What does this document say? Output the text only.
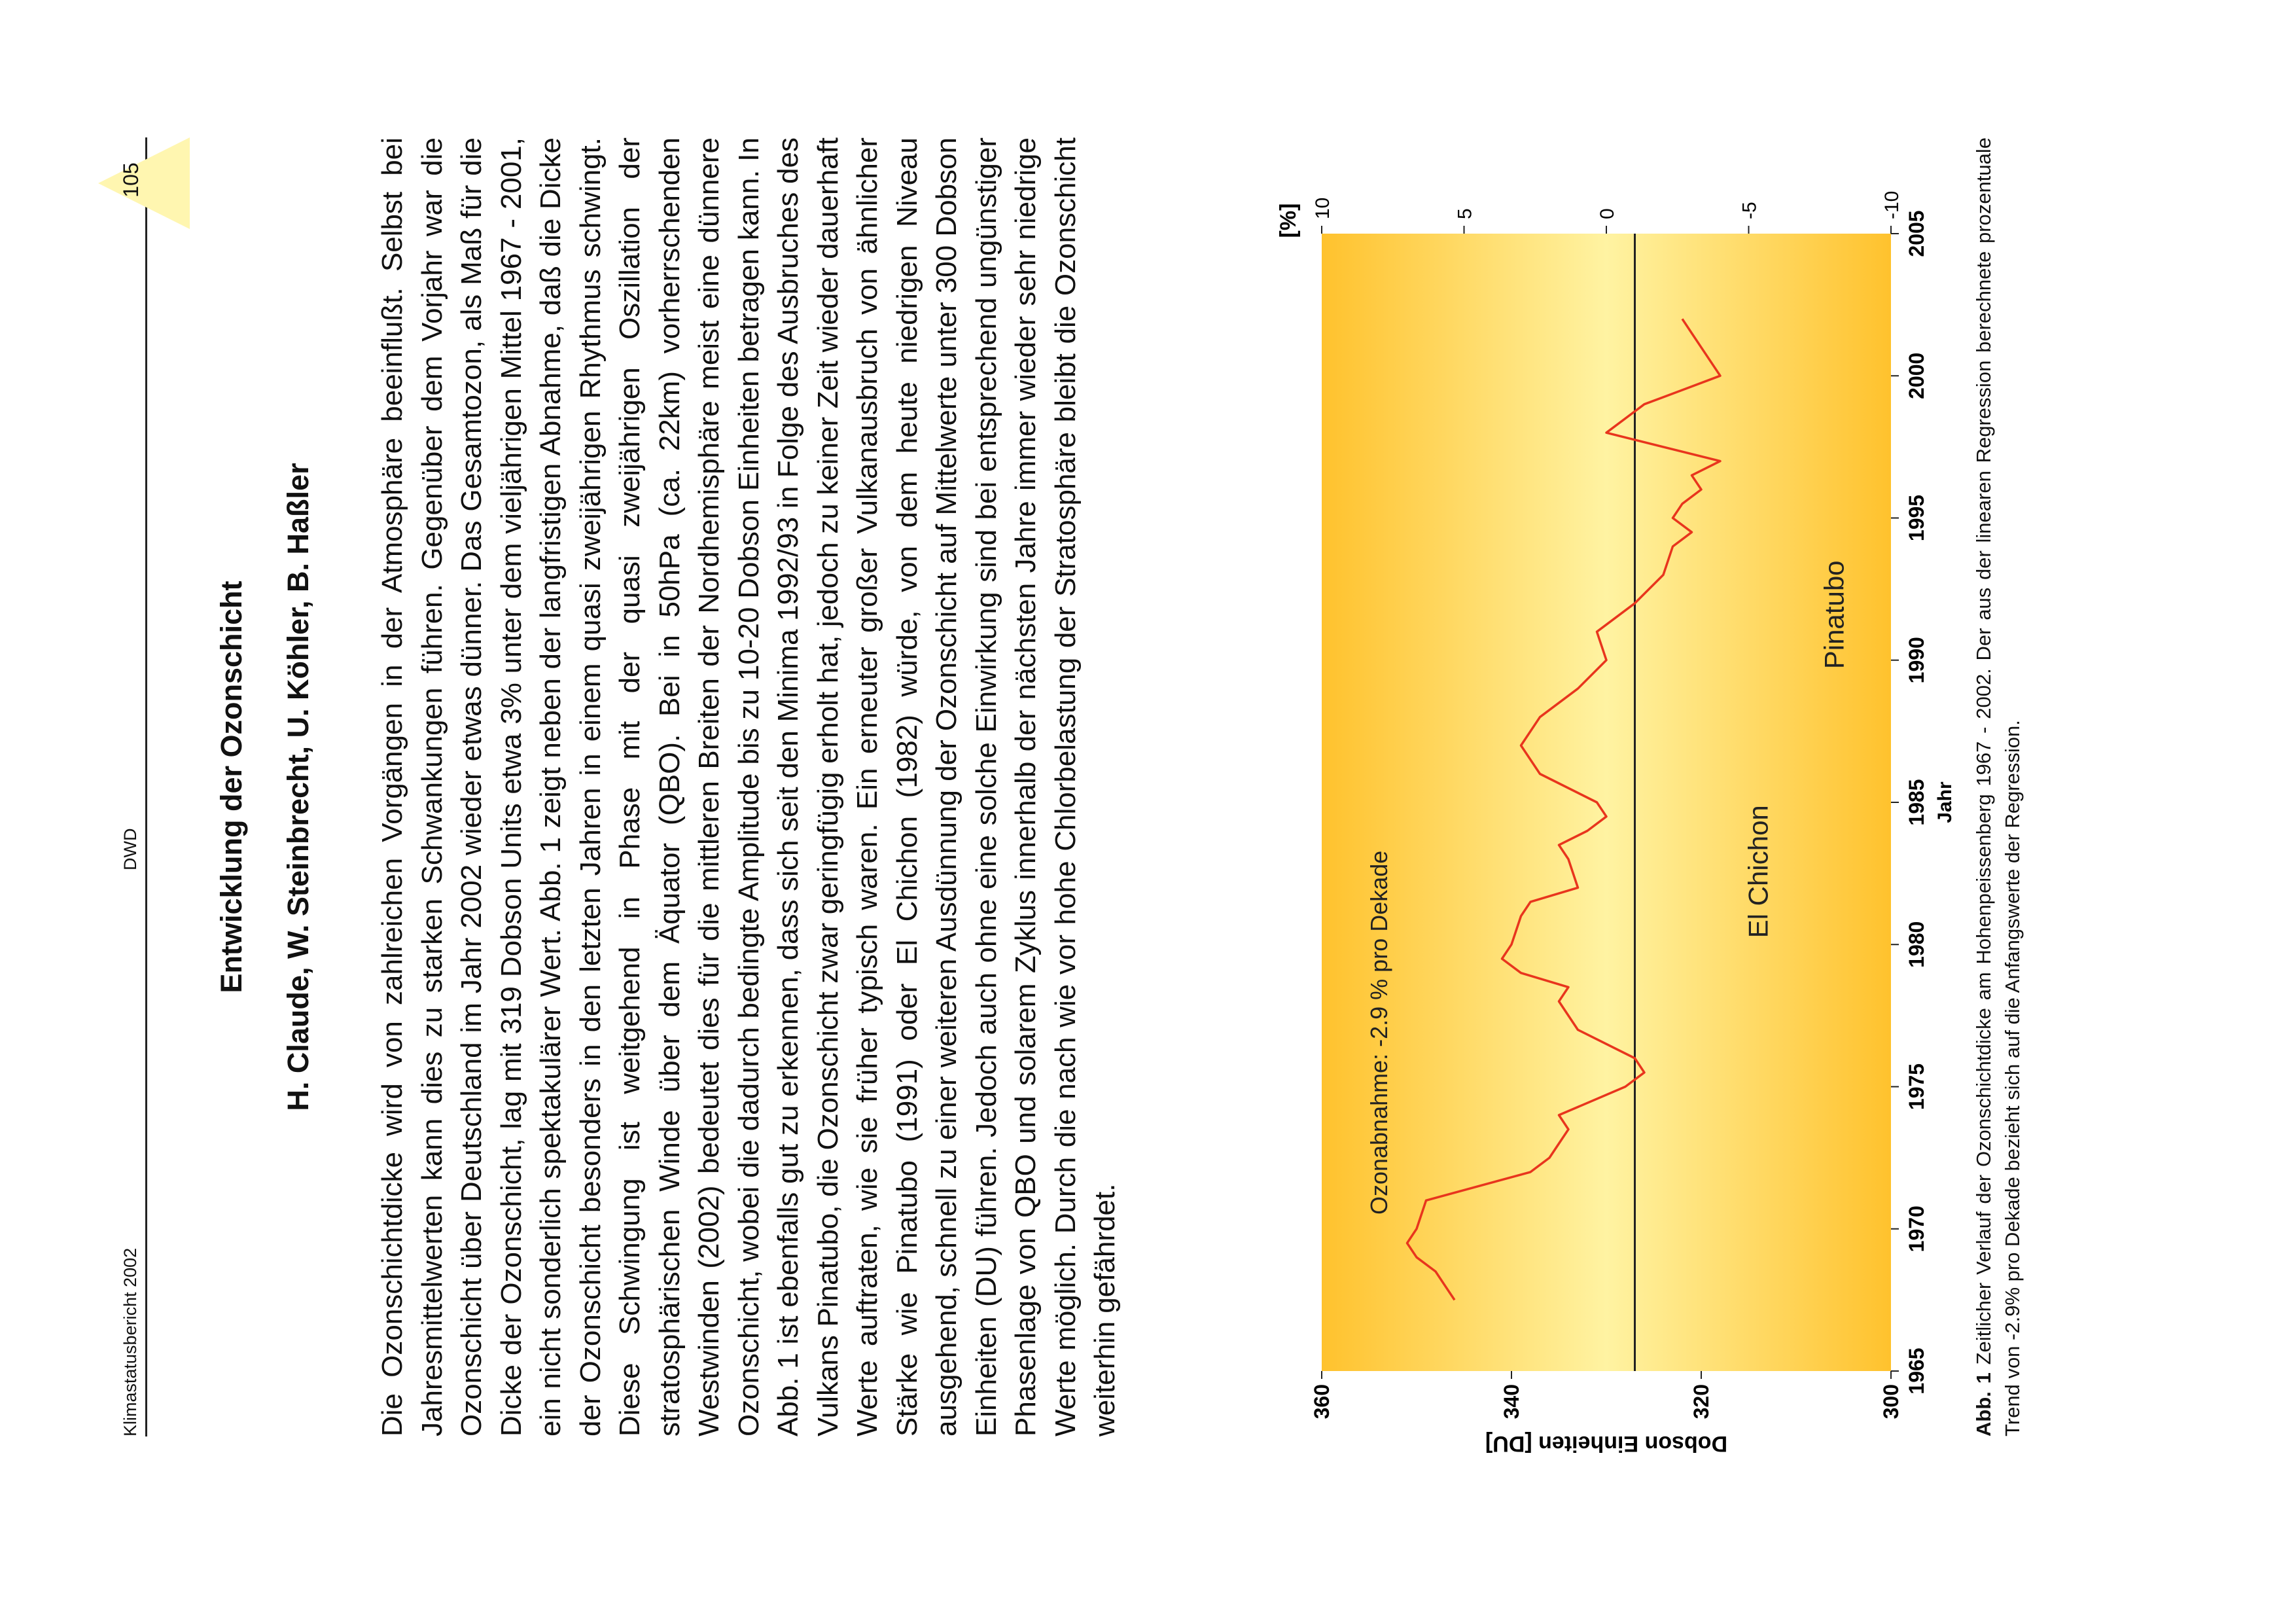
Klimastatusbericht 2002
DWD
105
Entwicklung der Ozonschicht H. Claude, W. Steinbrecht, U. Köhler, B. Haßler Die Ozonschichtdicke wird von zahlreichen Vorgängen in der Atmosphäre beeinflußt. Selbst bei Jahresmittelwerten kann dies zu starken Schwankungen führen. Gegenüber dem Vorjahr war die Ozonschicht über Deutschland im Jahr 2002 wieder etwas dünner. Das Gesamtozon, als Maß für die Dicke der Ozonschicht, lag mit 319 Dobson Units etwa 3% unter dem vieljährigen Mittel 1967 - 2001, ein nicht sonderlich spektakulärer Wert. Abb. 1 zeigt neben der langfristigen Abnahme, daß die Dicke der Ozonschicht besonders in den letzten Jahren in einem quasi zweijährigen Rhythmus schwingt. Diese Schwingung ist weitgehend in Phase mit der quasi zweijährigen Oszillation der stratosphärischen Winde über dem Äquator (QBO). Bei in 50hPa (ca. 22km) vorherrschenden Westwinden (2002) bedeutet dies für die mittleren Breiten der Nordhemisphäre meist eine dünnere Ozonschicht, wobei die dadurch bedingte Amplitude bis zu 10-20 Dobson Einheiten betragen kann. In Abb. 1 ist ebenfalls gut zu erkennen, dass sich seit den Minima 1992/93 in Folge des Ausbruches des Vulkans Pinatubo, die Ozonschicht zwar geringfügig erholt hat, jedoch zu keiner Zeit wieder dauerhaft Werte auftraten, wie sie früher typisch waren. Ein erneuter großer Vulkanausbruch von ähnlicher Stärke wie Pinatubo (1991) oder El Chichon (1982) würde, von dem heute niedrigen Niveau ausgehend, schnell zu einer weiteren Ausdünnung der Ozonschicht auf Mittelwerte unter 300 Dobson Einheiten (DU) führen. Jedoch auch ohne eine solche Einwirkung sind bei entsprechend ungünstiger Phasenlage von QBO und solarem Zyklus innerhalb der nächsten Jahre immer wieder sehr niedrige Werte möglich. Durch die nach wie vor hohe Chlorbelastung der Stratosphäre bleibt die Ozonschicht weiterhin gefährdet.
[%]
1965
1970
1975
1980
1985
1990
1995
2000
2005
300
320
340
360
-10
-5
0
5
10
Ozonabnahme: -2.9 % pro Dekade	El Chichon
Pinatubo
Jahr
Dobson Einheiten [DU]
Abb. 1 Zeitlicher Verlauf der Ozonschichtdicke am Hohenpeissenberg 1967 - 2002. Der aus der linearen Regression berechnete prozentuale Trend von -2.9% pro Dekade bezieht sich auf die Anfangswerte der Regression.
